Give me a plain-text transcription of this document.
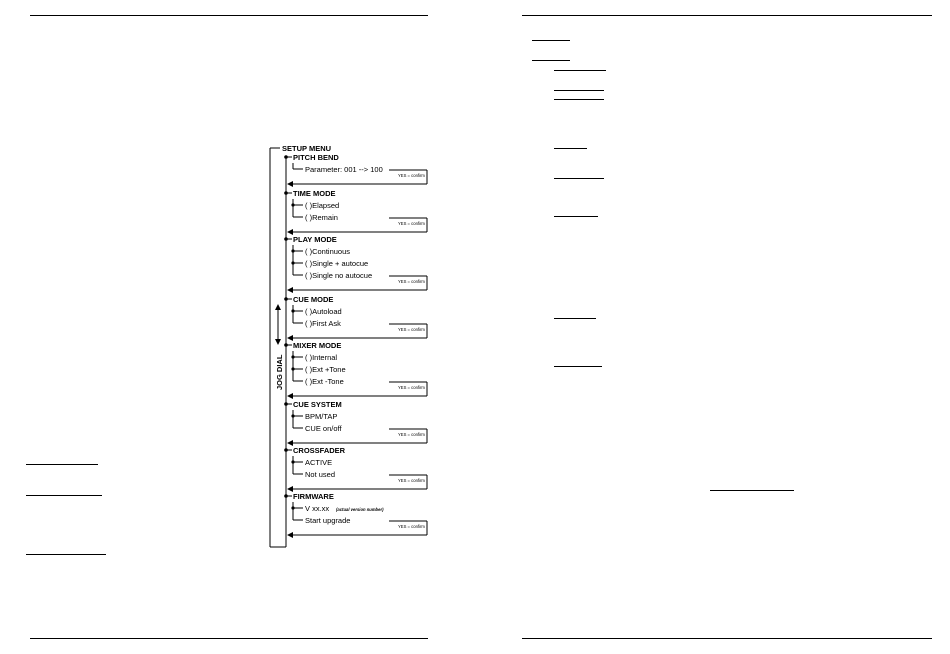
SETUP MENU
JOG DIAL
PITCH BEND
Parameter: 001 --> 100
YES = confirm
TIME MODE
( )Elapsed
( )Remain
YES = confirm
PLAY MODE
( )Continuous
( )Single + autocue
( )Single no autocue
YES = confirm
CUE MODE
( )Autoload
( )First Ask
YES = confirm
MIXER MODE
( )Internal
( )Ext +Tone
( )Ext -Tone
YES = confirm
CUE SYSTEM
BPM/TAP
CUE on/off
YES = confirm
CROSSFADER
ACTIVE
Not used
YES = confirm
FIRMWARE
V xx.xx (actual version number)
Start upgrade
YES = confirm
